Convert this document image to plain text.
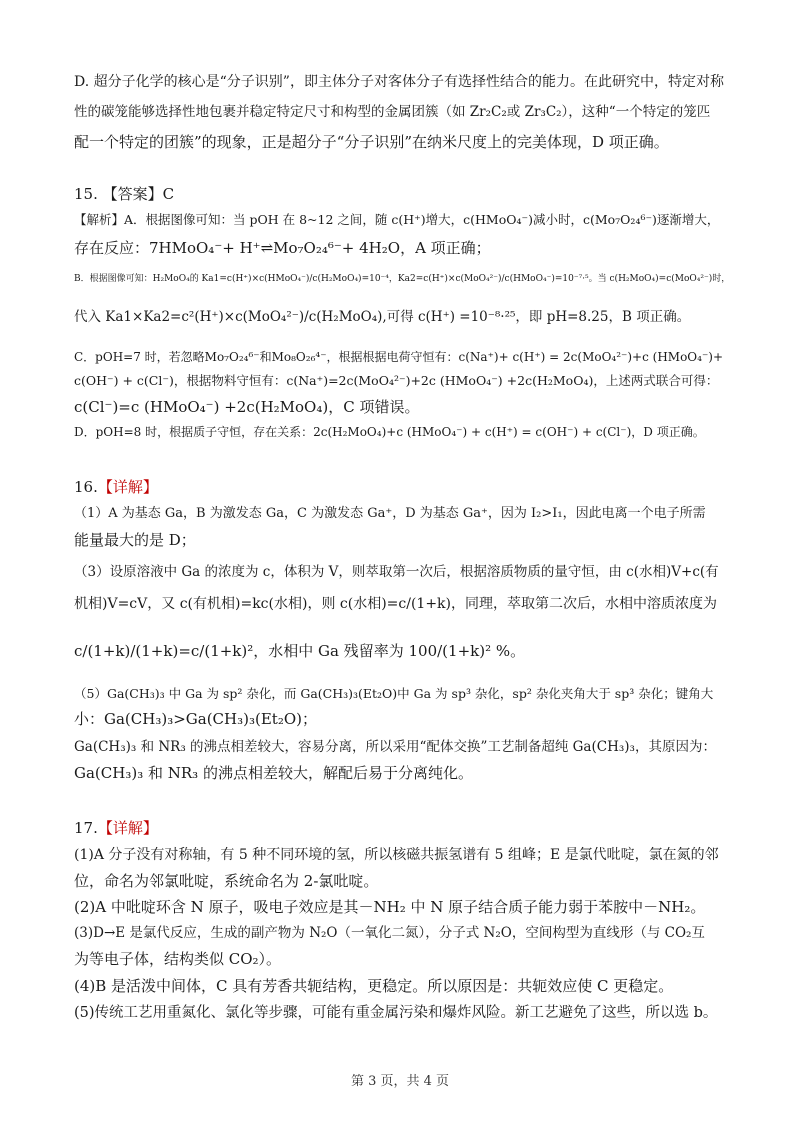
D. 超分子化学的核心是“分子识别”，即主体分子对客体分子有选择性结合的能力。在此研究中，特定对称

性的碳笼能够选择性地包裹并稳定特定尺寸和构型的金属团簇（如 Zr₂C₂或 Zr₃C₂），这种“一个特定的笼匹

配一个特定的团簇”的现象，正是超分子“分子识别”在纳米尺度上的完美体现，D 项正确。

15. 【答案】C

【解析】A．根据图像可知：当 pOH 在 8~12 之间，随 c(H⁺)增大，c(HMoO₄⁻)减小时，c(Mo₇O₂₄⁶⁻)逐渐增大，

存在反应：7HMoO₄⁻+ H⁺⇌Mo₇O₂₄⁶⁻+ 4H₂O，A 项正确；

B．根据图像可知：H₂MoO₄的 Ka1=c(H⁺)×c(HMoO₄⁻)/c(H₂MoO₄)=10⁻⁴，Ka2=c(H⁺)×c(MoO₄²⁻)/c(HMoO₄⁻)=10⁻⁷·⁵。当 c(H₂MoO₄)=c(MoO₄²⁻)时，

代入 Ka1×Ka2=c²(H⁺)×c(MoO₄²⁻)/c(H₂MoO₄),可得 c(H⁺) =10⁻⁸·²⁵，即 pH=8.25，B 项正确。

C．pOH=7 时，若忽略Mo₇O₂₄⁶⁻和Mo₈O₂₆⁴⁻，根据根据电荷守恒有：c(Na⁺)+ c(H⁺) = 2c(MoO₄²⁻)+c (HMoO₄⁻)+

c(OH⁻) + c(Cl⁻)，根据物料守恒有：c(Na⁺)=2c(MoO₄²⁻)+2c (HMoO₄⁻) +2c(H₂MoO₄)，上述两式联合可得：

c(Cl⁻)=c (HMoO₄⁻) +2c(H₂MoO₄)，C 项错误。

D．pOH=8 时，根据质子守恒，存在关系：2c(H₂MoO₄)+c (HMoO₄⁻) + c(H⁺) = c(OH⁻) + c(Cl⁻)，D 项正确。

16.【详解】

（1）A 为基态 Ga，B 为激发态 Ga，C 为激发态 Ga⁺，D 为基态 Ga⁺，因为 I₂>I₁，因此电离一个电子所需

能量最大的是 D；

（3）设原溶液中 Ga 的浓度为 c，体积为 V，则萃取第一次后，根据溶质物质的量守恒，由 c(水相)V+c(有

机相)V=cV，又 c(有机相)=kc(水相)，则 c(水相)=c/(1+k)，同理，萃取第二次后，水相中溶质浓度为

c/(1+k)/(1+k)=c/(1+k)²，水相中 Ga 残留率为 100/(1+k)² %。

（5）Ga(CH₃)₃ 中 Ga 为 sp² 杂化，而 Ga(CH₃)₃(Et₂O)中 Ga 为 sp³ 杂化，sp² 杂化夹角大于 sp³ 杂化；键角大

小：Ga(CH₃)₃>Ga(CH₃)₃(Et₂O)；

Ga(CH₃)₃ 和 NR₃ 的沸点相差较大，容易分离，所以采用“配体交换”工艺制备超纯 Ga(CH₃)₃，其原因为：

Ga(CH₃)₃ 和 NR₃ 的沸点相差较大，解配后易于分离纯化。

17.【详解】

(1)A 分子没有对称轴，有 5 种不同环境的氢，所以核磁共振氢谱有 5 组峰；E 是氯代吡啶，氯在氮的邻

位，命名为邻氯吡啶，系统命名为 2-氯吡啶。

(2)A 中吡啶环含 N 原子，吸电子效应是其－NH₂ 中 N 原子结合质子能力弱于苯胺中－NH₂。

(3)D→E 是氯代反应，生成的副产物为 N₂O（一氧化二氮），分子式 N₂O，空间构型为直线形（与 CO₂互

为等电子体，结构类似 CO₂）。

(4)B 是活泼中间体，C 具有芳香共轭结构，更稳定。所以原因是：共轭效应使 C 更稳定。

(5)传统工艺用重氮化、氯化等步骤，可能有重金属污染和爆炸风险。新工艺避免了这些，所以选 b。

第 3 页，共 4 页
